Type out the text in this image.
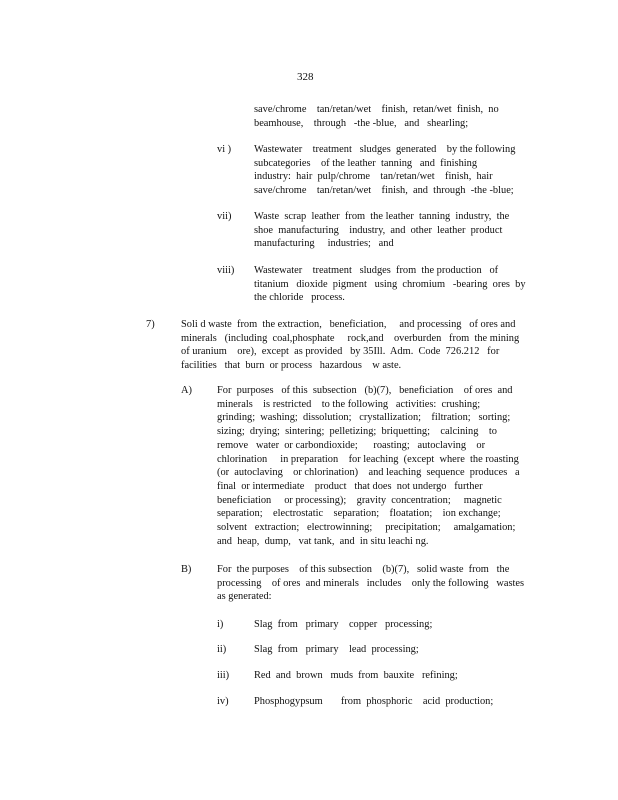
328
save/chrome    tan/retan/wet    finish,  retan/wet  finish,  no
beamhouse,    through   -the -blue,   and   shearling;
vi ) Wastewater    treatment   sludges  generated    by the following
subcategories    of the leather  tanning   and  finishing
industry:  hair  pulp/chrome    tan/retan/wet    finish,  hair
save/chrome    tan/retan/wet    finish,  and  through  -the -blue;
vii) Waste  scrap  leather  from  the leather  tanning  industry,  the
shoe  manufacturing    industry,  and  other  leather  product
manufacturing     industries;   and
viii) Wastewater    treatment   sludges  from  the production   of
titanium   dioxide  pigment   using  chromium   -bearing  ores  by
the chloride   process.
7)	Soli d waste  from  the extraction,   beneficiation,     and processing   of ores and
minerals   (including  coal,phosphate     rock,and    overburden   from  the mining
of uranium    ore),  except  as provided   by 35Ill.  Adm.  Code  726.212   for
facilities   that  burn  or process   hazardous    w aste.
A) For  purposes   of this  subsection   (b)(7),   beneficiation    of ores  and
minerals    is restricted    to the following   activities:  crushing;
grinding;  washing;  dissolution;   crystallization;    filtration;   sorting;
sizing;  drying;  sintering;  pelletizing;  briquetting;    calcining    to
remove   water  or carbondioxide;      roasting;   autoclaving    or
chlorination     in preparation    for leaching  (except  where  the roasting
(or  autoclaving    or chlorination)    and leaching  sequence  produces   a
final  or intermediate    product   that does  not undergo   further
beneficiation     or processing);    gravity  concentration;     magnetic
separation;    electrostatic    separation;    floatation;    ion exchange;
solvent   extraction;   electrowinning;     precipitation;     amalgamation;
and  heap,  dump,   vat tank,  and  in situ leachi ng.
B) For  the purposes    of this subsection    (b)(7),   solid waste  from   the
processing    of ores  and minerals   includes    only the following   wastes
as generated:
i)	Slag  from   primary    copper   processing;
ii)	Slag  from   primary    lead  processing;
iii) Red  and  brown   muds  from  bauxite   refining;
iv) Phosphogypsum       from  phosphoric    acid  production;
